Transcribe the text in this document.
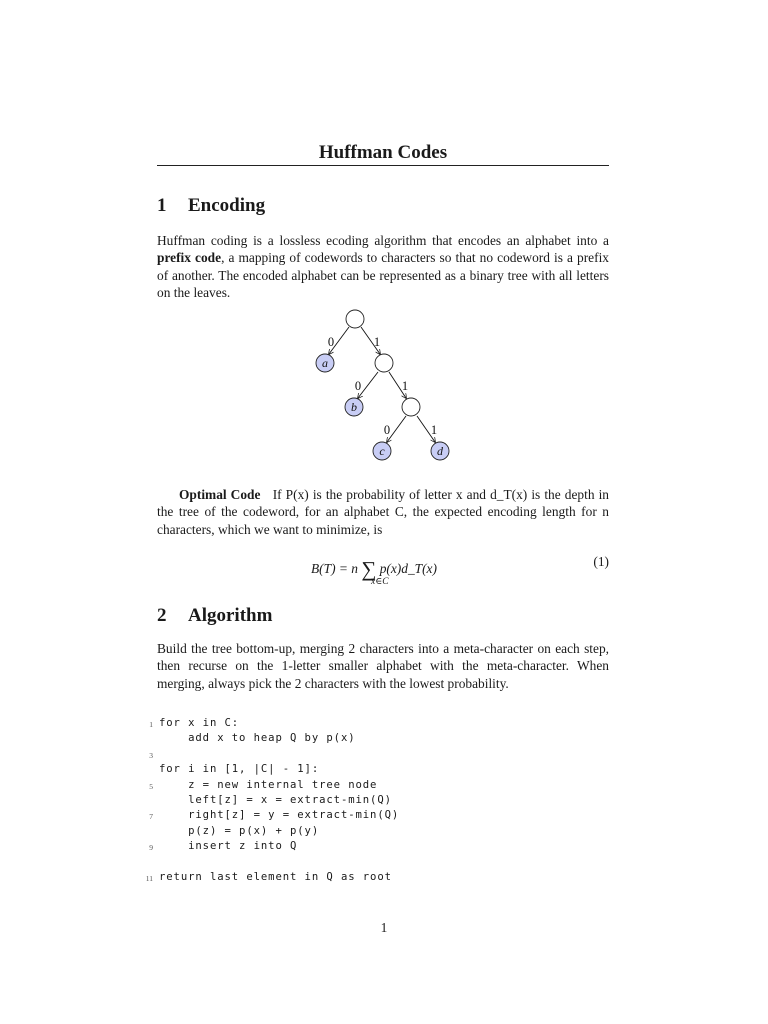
Huffman Codes
1 Encoding
Huffman coding is a lossless ecoding algorithm that encodes an alphabet into a prefix code, a mapping of codewords to characters so that no codeword is a prefix of another. The encoded alphabet can be represented as a binary tree with all letters on the leaves.
0	1
0	1
0	1
a
b
c	d
Optimal Code If P(x) is the probability of letter x and d_T(x) is the depth in the tree of the codeword, for an alphabet C, the expected encoding length for n characters, which we want to minimize, is
B(T) = n ∑ p(x)d_T(x)
x∈C
(1)
2 Algorithm
Build the tree bottom-up, merging 2 characters into a meta-character on each step, then recurse on the 1-letter smaller alphabet with the meta-character. When merging, always pick the 2 characters with the lowest probability.
1 for x in C:
add x to heap Q by p(x)
3
for i in [1, |C| - 1]:
5 z = new internal tree node
left[z] = x = extract-min(Q)
7 right[z] = y = extract-min(Q)
p(z) = p(x) + p(y)
9 insert z into Q
11 return last element in Q as root
1
